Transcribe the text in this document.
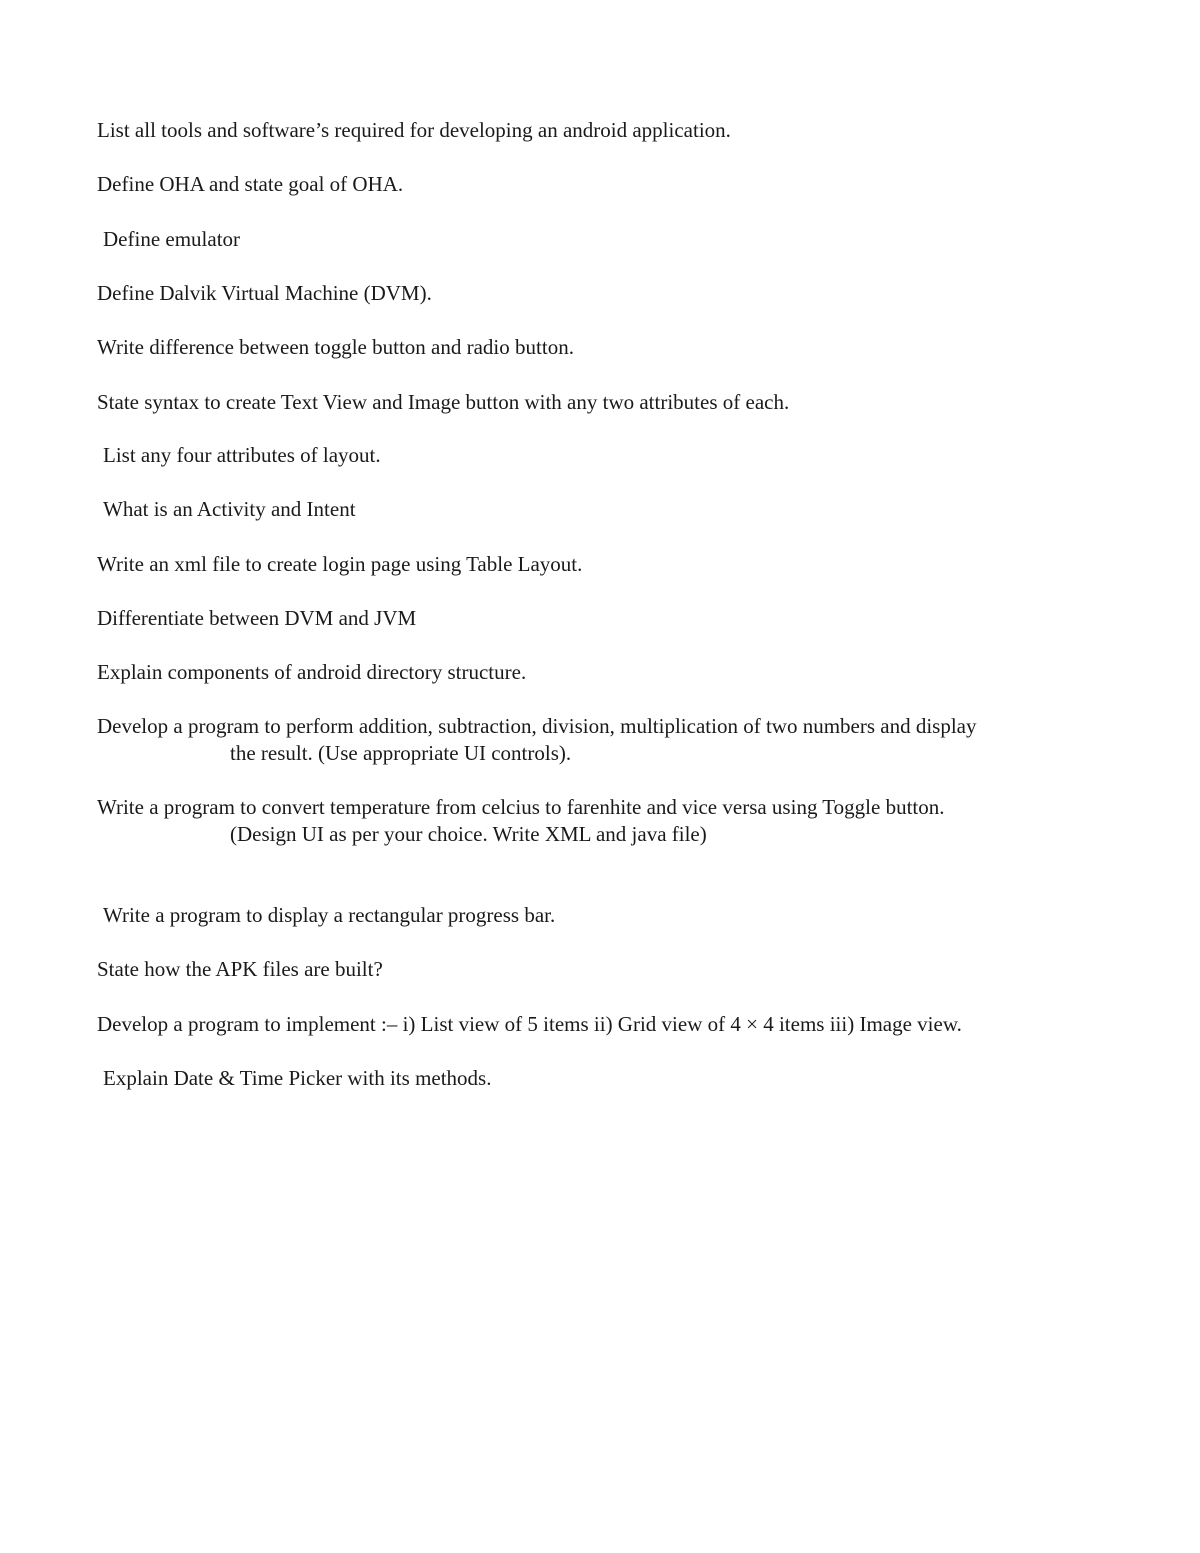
List all tools and software’s required for developing an android application.

Define OHA and state goal of OHA.

Define emulator

Define Dalvik Virtual Machine (DVM).

Write difference between toggle button and radio button.

State syntax to create Text View and Image button with any two attributes of each.

List any four attributes of layout.

What is an Activity and Intent

Write an xml file to create login page using Table Layout.

Differentiate between DVM and JVM

Explain components of android directory structure.

Develop a program to perform addition, subtraction, division, multiplication of two numbers and display
the result. (Use appropriate UI controls).
Write a program to convert temperature from celcius to farenhite and vice versa using Toggle button.
(Design UI as per your choice. Write XML and java file)

Write a program to display a rectangular progress bar.

State how the APK files are built?

Develop a program to implement :– i) List view of 5 items ii) Grid view of 4 × 4 items iii) Image view.

Explain Date & Time Picker with its methods.
